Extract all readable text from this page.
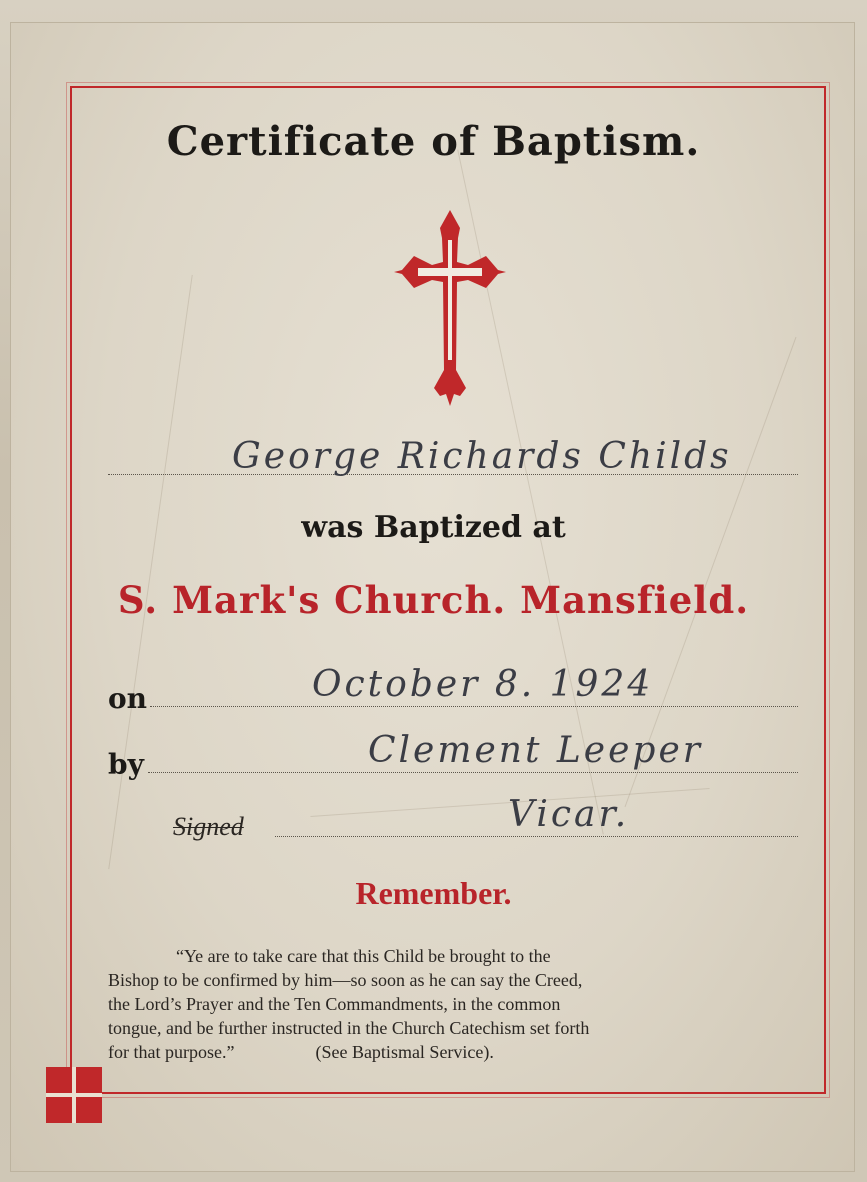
Certificate of Baptism.
George Richards Childs
was Baptized at
S. Mark's Church. Mansfield.
on	October 8. 1924
by	Clement Leeper
Signed	Vicar.
Remember.
“Ye are to take care that this Child be brought to the
Bishop to be confirmed by him—so soon as he can say the Creed,
the Lord’s Prayer and the Ten Commandments, in the common
tongue, and be further instructed in the Church Catechism set forth
for that purpose.”                  (See Baptismal Service).
